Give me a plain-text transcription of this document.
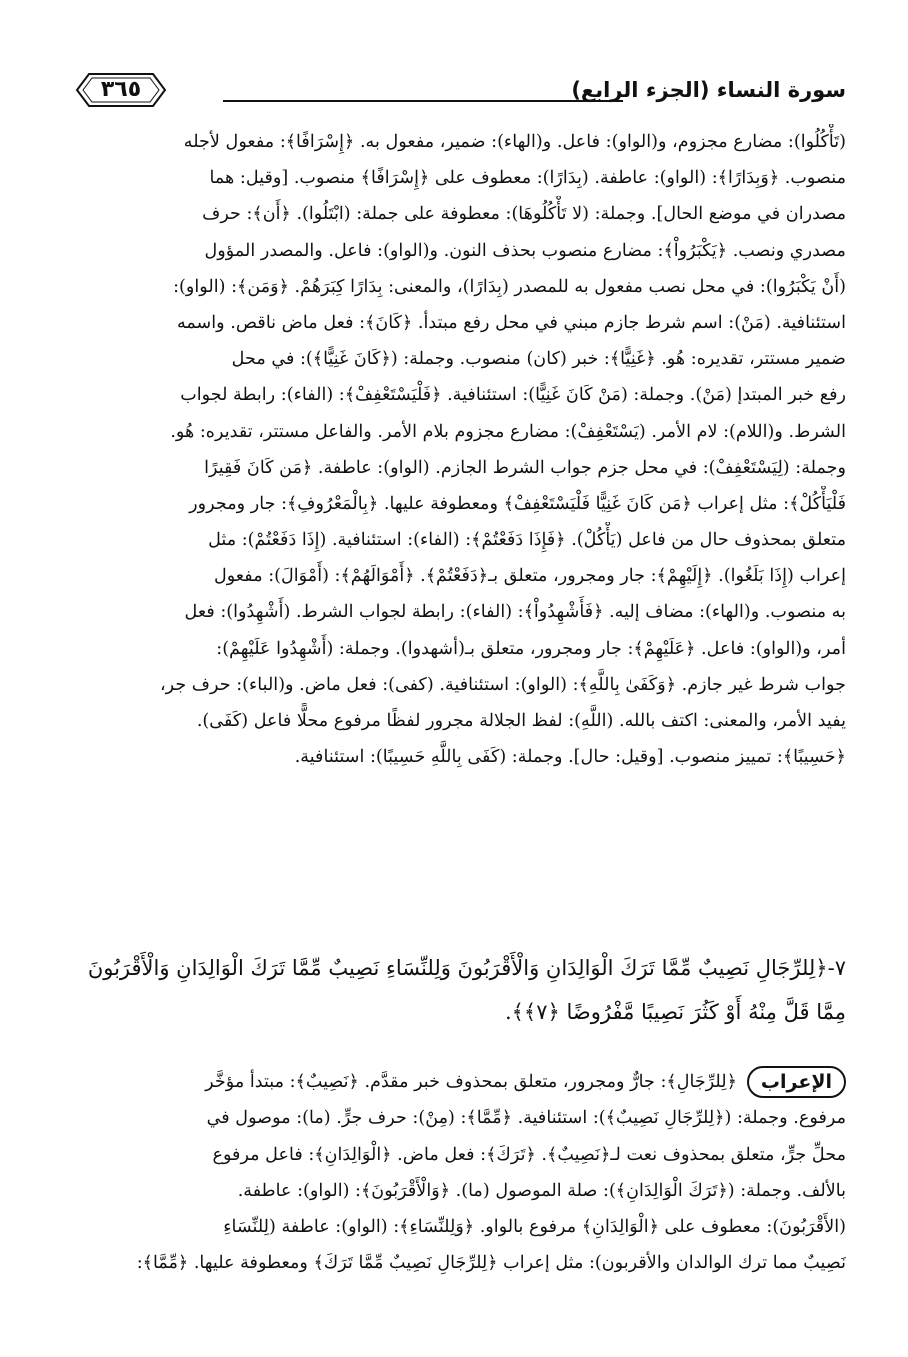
سورة النساء (الجزء الرابع)
٣٦٥
(تَأْكُلُوا): مضارع مجزوم، و(الواو): فاعل. و(الهاء): ضمير، مفعول به. ﴿إِسْرَافًا﴾: مفعول لأجله
منصوب. ﴿وَبِدَارًا﴾: (الواو): عاطفة. (بِدَارًا): معطوف على ﴿إِسْرَافًا﴾ منصوب. [وقيل: هما
مصدران في موضع الحال]. وجملة: (لا تَأْكُلُوهَا): معطوفة على جملة: (ابْتَلُوا). ﴿أَن﴾: حرف
مصدري ونصب. ﴿يَكْبَرُواْ﴾: مضارع منصوب بحذف النون. و(الواو): فاعل. والمصدر المؤول
(أَنْ يَكْبَرُوا): في محل نصب مفعول به للمصدر (بِدَارًا)، والمعنى: بِدَارًا كِبَرَهُمْ. ﴿وَمَن﴾: (الواو):
استئنافية. (مَنْ): اسم شرط جازم مبني في محل رفع مبتدأ. ﴿كَانَ﴾: فعل ماض ناقص. واسمه
ضمير مستتر، تقديره: هُو. ﴿غَنِيًّا﴾: خبر (كان) منصوب. وجملة: (﴿كَانَ غَنِيًّا﴾): في محل
رفع خبر المبتدإ (مَنْ). وجملة: (مَنْ كَانَ غَنِيًّا): استئنافية. ﴿فَلْيَسْتَعْفِفْ﴾: (الفاء): رابطة لجواب
الشرط. و(اللام): لام الأمر. (يَسْتَعْفِفْ): مضارع مجزوم بلام الأمر. والفاعل مستتر، تقديره: هُو.
وجملة: (لِيَسْتَعْفِفْ): في محل جزم جواب الشرط الجازم. (الواو): عاطفة. ﴿مَن كَانَ فَقِيرًا
فَلْيَأْكُلْ﴾: مثل إعراب ﴿مَن كَانَ غَنِيًّا فَلْيَسْتَعْفِفْ﴾ ومعطوفة عليها. ﴿بِالْمَعْرُوفِ﴾: جار ومجرور
متعلق بمحذوف حال من فاعل (يَأْكُلْ). ﴿فَإِذَا دَفَعْتُمْ﴾: (الفاء): استئنافية. (إِذَا دَفَعْتُمْ): مثل
إعراب (إِذَا بَلَغُوا). ﴿إِلَيْهِمْ﴾: جار ومجرور، متعلق بـ﴿دَفَعْتُمْ﴾. ﴿أَمْوَالَهُمْ﴾: (أَمْوَالَ): مفعول
به منصوب. و(الهاء): مضاف إليه. ﴿فَأَشْهِدُواْ﴾: (الفاء): رابطة لجواب الشرط. (أَشْهِدُوا): فعل
أمر، و(الواو): فاعل. ﴿عَلَيْهِمْ﴾: جار ومجرور، متعلق بـ(أشهدوا). وجملة: (أَشْهِدُوا عَلَيْهِمْ):
جواب شرط غير جازم. ﴿وَكَفَىٰ بِاللَّهِ﴾: (الواو): استئنافية. (كفى): فعل ماض. و(الباء): حرف جر،
يفيد الأمر، والمعنى: اكتف بالله. (اللَّهِ): لفظ الجلالة مجرور لفظًا مرفوع محلًّا فاعل (كَفَى).
﴿حَسِيبًا﴾: تمييز منصوب. [وقيل: حال]. وجملة: (كَفَى بِاللَّهِ حَسِيبًا): استئنافية.
٧-﴿لِلرِّجَالِ نَصِيبٌ مِّمَّا تَرَكَ الْوَالِدَانِ وَالْأَقْرَبُونَ وَلِلنِّسَاءِ نَصِيبٌ مِّمَّا تَرَكَ الْوَالِدَانِ وَالْأَقْرَبُونَ
مِمَّا قَلَّ مِنْهُ أَوْ كَثُرَ نَصِيبًا مَّفْرُوضًا ﴿٧﴾﴾.
الإعراب﴿لِلرِّجَالِ﴾: جارٌّ ومجرور، متعلق بمحذوف خبر مقدَّم. ﴿نَصِيبٌ﴾: مبتدأ مؤخَّر
مرفوع. وجملة: (﴿لِلرِّجَالِ نَصِيبٌ﴾): استئنافية. ﴿مِّمَّا﴾: (مِنْ): حرف جرٍّ. (ما): موصول في
محلِّ جرٍّ، متعلق بمحذوف نعت لـ﴿نَصِيبٌ﴾. ﴿تَرَكَ﴾: فعل ماض. ﴿الْوَالِدَانِ﴾: فاعل مرفوع
بالألف. وجملة: (﴿تَرَكَ الْوَالِدَانِ﴾): صلة الموصول (ما). ﴿وَالْأَقْرَبُونَ﴾: (الواو): عاطفة.
(الأَقْرَبُونَ): معطوف على ﴿الْوَالِدَانِ﴾ مرفوع بالواو. ﴿وَلِلنِّسَاءِ﴾: (الواو): عاطفة (لِلنِّسَاءِ
نَصِيبٌ مما ترك الوالدان والأقربون): مثل إعراب ﴿لِلرِّجَالِ نَصِيبٌ مِّمَّا تَرَكَ﴾ ومعطوفة عليها. ﴿مِّمَّا﴾:
